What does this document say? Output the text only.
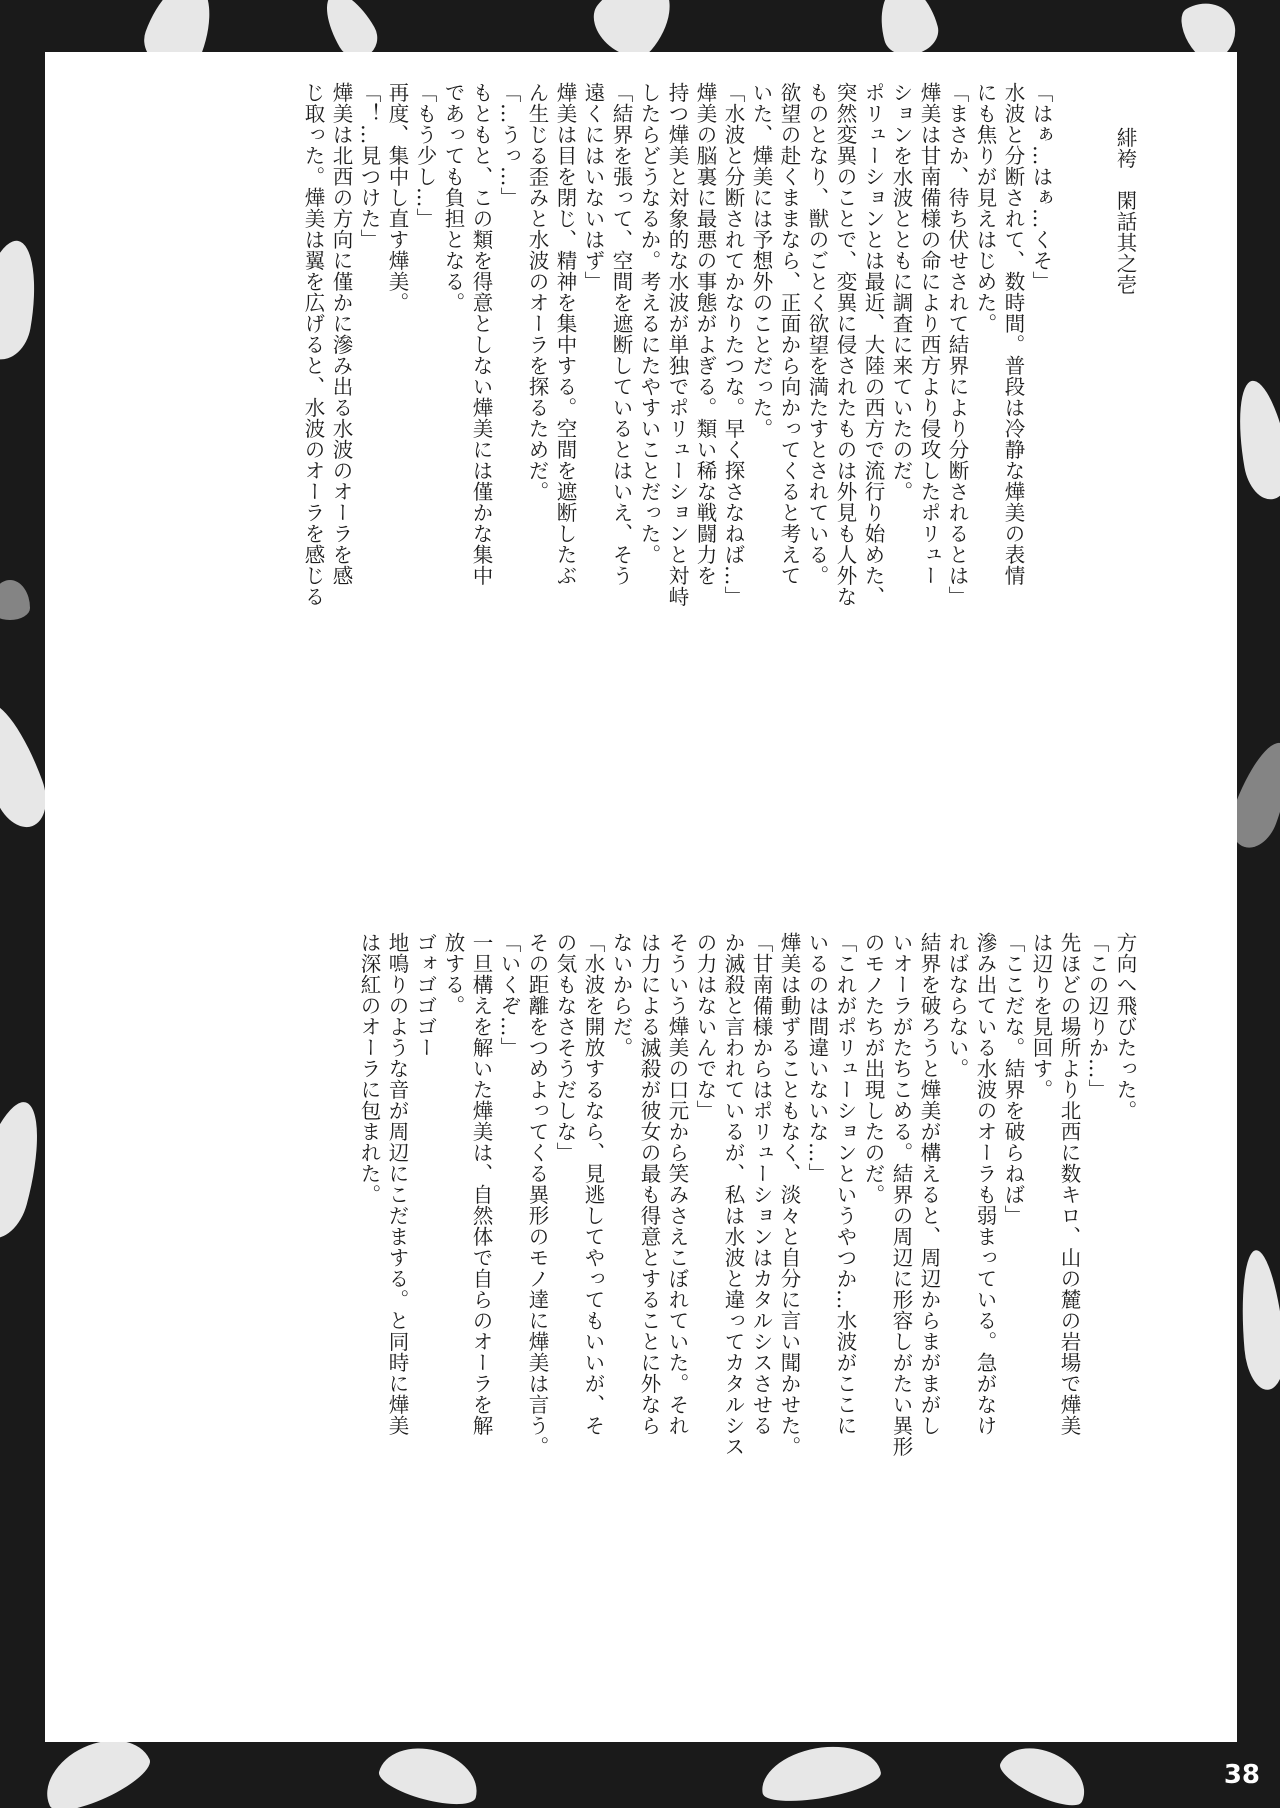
緋袴　閑話其之壱

「はぁ…はぁ…くそ」

水波と分断されて、数時間。普段は冷静な燁美の表情

にも焦りが見えはじめた。

「まさか、待ち伏せされて結界により分断されるとは」

燁美は甘南備様の命により西方より侵攻したポリュー

ションを水波とともに調査に来ていたのだ。

ポリューションとは最近、大陸の西方で流行り始めた、

突然変異のことで、変異に侵されたものは外見も人外な

ものとなり、獣のごとく欲望を満たすとされている。

欲望の赴くままなら、正面から向かってくると考えて

いた、燁美には予想外のことだった。

「水波と分断されてかなりたつな。早く探さなねば…」

燁美の脳裏に最悪の事態がよぎる。類い稀な戦闘力を

持つ燁美と対象的な水波が単独でポリューションと対峙

したらどうなるか。考えるにたやすいことだった。

「結界を張って、空間を遮断しているとはいえ、そう

遠くにはいないはず」

燁美は目を閉じ、精神を集中する。空間を遮断したぶ

ん生じる歪みと水波のオーラを探るためだ。

「…うっ…」

もともと、この類を得意としない燁美には僅かな集中

であっても負担となる。

「もう少し…」

再度、集中し直す燁美。

「！…見つけた」

燁美は北西の方向に僅かに滲み出る水波のオーラを感

じ取った。燁美は翼を広げると、水波のオーラを感じる

方向へ飛びたった。

「この辺りか…」

先ほどの場所より北西に数キロ、山の麓の岩場で燁美

は辺りを見回す。

「ここだな。結界を破らねば」

滲み出ている水波のオーラも弱まっている。急がなけ

ればならない。

結界を破ろうと燁美が構えると、周辺からまがまがし

いオーラがたちこめる。結界の周辺に形容しがたい異形

のモノたちが出現したのだ。

「これがポリューションというやつか…水波がここに

いるのは間違いないな…」

燁美は動ずることもなく、淡々と自分に言い聞かせた。

「甘南備様からはポリューションはカタルシスさせる

か滅殺と言われているが、私は水波と違ってカタルシス

の力はないんでな」

そういう燁美の口元から笑みさえこぼれていた。それ

は力による滅殺が彼女の最も得意とすることに外なら

ないからだ。

「水波を開放するなら、見逃してやってもいいが、そ

の気もなさそうだしな」

その距離をつめよってくる異形のモノ達に燁美は言う。

「いくぞ…」

一旦構えを解いた燁美は、自然体で自らのオーラを解

放する。

ゴォゴゴゴー

地鳴りのような音が周辺にこだまする。と同時に燁美

は深紅のオーラに包まれた。

38
